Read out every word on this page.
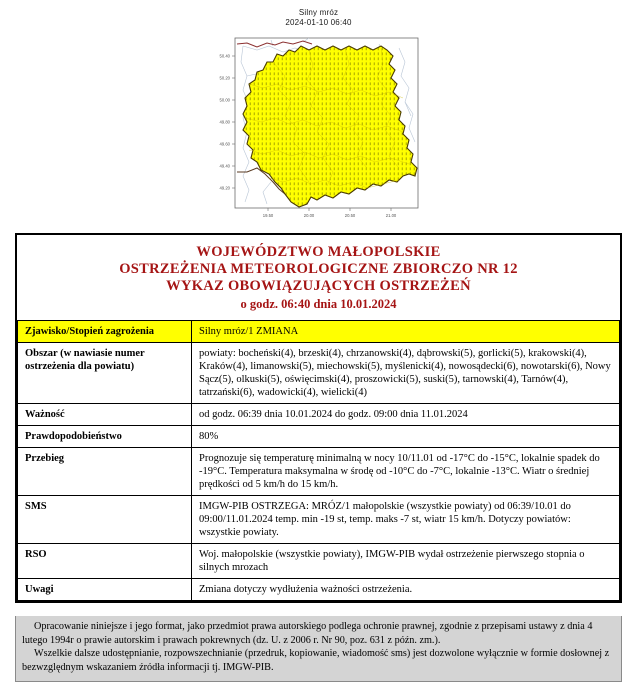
Silny mróz
2024-01-10 06:40
19.50	20.00	20.50	21.00
50.40
50.20
50.00
49.80
49.60
49.40
49.20
WOJEWÓDZTWO MAŁOPOLSKIE
OSTRZEŻENIA METEOROLOGICZNE ZBIORCZO NR 12
WYKAZ OBOWIĄZUJĄCYCH OSTRZEŻEŃ
o godz. 06:40 dnia 10.01.2024
Zjawisko/Stopień zagrożenia	Silny mróz/1 ZMIANA
Obszar (w nawiasie numer ostrzeżenia dla powiatu)	powiaty: bocheński(4), brzeski(4), chrzanowski(4), dąbrowski(5), gorlicki(5), krakowski(4), Kraków(4), limanowski(5), miechowski(5), myślenicki(4), nowosądecki(6), nowotarski(6), Nowy Sącz(5), olkuski(5), oświęcimski(4), proszowicki(5), suski(5), tarnowski(4), Tarnów(4), tatrzański(6), wadowicki(4), wielicki(4)
Ważność	od godz. 06:39 dnia 10.01.2024 do godz. 09:00 dnia 11.01.2024
Prawdopodobieństwo	80%
Przebieg	Prognozuje się temperaturę minimalną w nocy 10/11.01 od -17°C do -15°C, lokalnie spadek do -19°C. Temperatura maksymalna w środę od -10°C do -7°C, lokalnie -13°C. Wiatr o średniej prędkości od 5 km/h do 15 km/h.
SMS	IMGW-PIB OSTRZEGA: MRÓZ/1 małopolskie (wszystkie powiaty) od 06:39/10.01 do 09:00/11.01.2024 temp. min -19 st, temp. maks -7 st, wiatr 15 km/h. Dotyczy powiatów: wszystkie powiaty.
RSO	Woj. małopolskie (wszystkie powiaty), IMGW-PIB wydał ostrzeżenie pierwszego stopnia o silnych mrozach
Uwagi	Zmiana dotyczy wydłużenia ważności ostrzeżenia.

Opracowanie niniejsze i jego format, jako przedmiot prawa autorskiego podlega ochronie prawnej, zgodnie z przepisami ustawy z dnia 4 lutego 1994r o prawie autorskim i prawach pokrewnych (dz. U. z 2006 r. Nr 90, poz. 631 z późn. zm.).

Wszelkie dalsze udostępnianie, rozpowszechnianie (przedruk, kopiowanie, wiadomość sms) jest dozwolone wyłącznie w formie dosłownej z bezwzględnym wskazaniem źródła informacji tj. IMGW-PIB.
